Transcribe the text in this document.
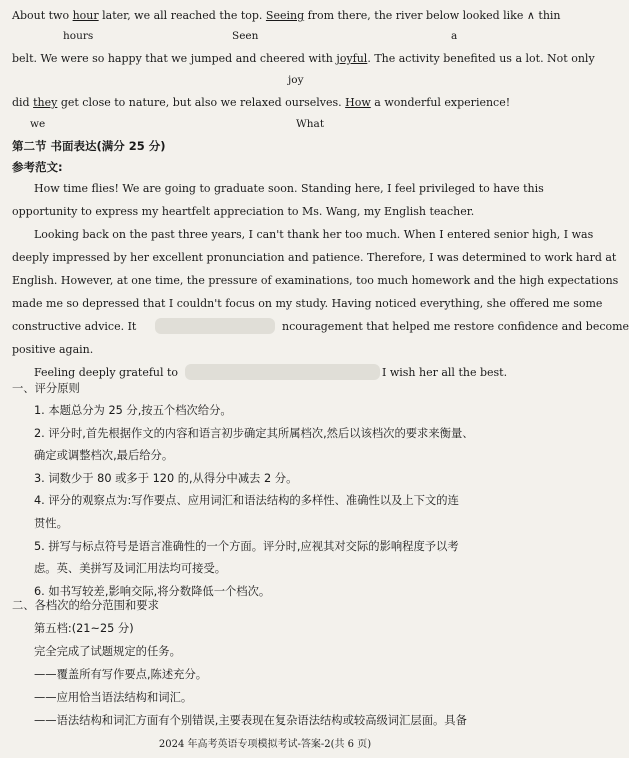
About two hour later, we all reached the top. Seeing from there, the river below looked like ∧ thin
hours	Seen	a
belt. We were so happy that we jumped and cheered with joyful. The activity benefited us a lot. Not only
joy
did they get close to nature, but also we relaxed ourselves. How a wonderful experience!
we	What
第二节 书面表达(满分 25 分)
参考范文:
How time flies! We are going to graduate soon. Standing here, I feel privileged to have this
opportunity to express my heartfelt appreciation to Ms. Wang, my English teacher.
Looking back on the past three years, I can't thank her too much. When I entered senior high, I was
deeply impressed by her excellent pronunciation and patience. Therefore, I was determined to work hard at
English. However, at one time, the pressure of examinations, too much homework and the high expectations
made me so depressed that I couldn't focus on my study. Having noticed everything, she offered me some
constructive advice. It	ncouragement that helped me restore confidence and become
positive again.
Feeling deeply grateful to	I wish her all the best.
一、评分原则
1. 本题总分为 25 分,按五个档次给分。
2. 评分时,首先根据作文的内容和语言初步确定其所属档次,然后以该档次的要求来衡量、
确定或调整档次,最后给分。
3. 词数少于 80 或多于 120 的,从得分中减去 2 分。
4. 评分的观察点为:写作要点、应用词汇和语法结构的多样性、准确性以及上下文的连
贯性。
5. 拼写与标点符号是语言准确性的一个方面。评分时,应视其对交际的影响程度予以考
虑。英、美拼写及词汇用法均可接受。
6. 如书写较差,影响交际,将分数降低一个档次。
二、各档次的给分范围和要求
第五档:(21~25 分)
完全完成了试题规定的任务。
——覆盖所有写作要点,陈述充分。
2024 年高考英语专项模拟考试-答案-2(共 6 页)
——应用恰当语法结构和词汇。
——语法结构和词汇方面有个别错误,主要表现在复杂语法结构或较高级词汇层面。具备
